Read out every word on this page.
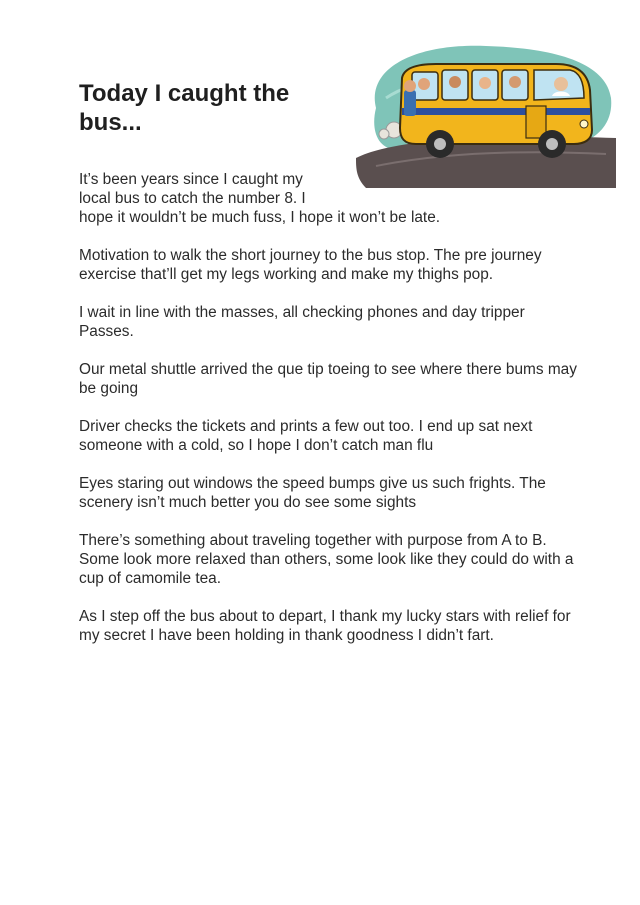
Today I caught the
bus...

It’s been years since I caught my
local bus to catch the number 8. I
hope it wouldn’t be much fuss, I hope it won’t be late.

Motivation to walk the short journey to the bus stop. The pre journey exercise that’ll get my legs working and make my thighs pop.

I wait in line with the masses, all checking phones and day tripper Passes.

Our metal shuttle arrived the que tip toeing to see where there bums may be going

Driver checks the tickets and prints a few out too. I end up sat next someone with a cold, so I hope I don’t catch man flu

Eyes staring out windows the speed bumps give us such frights. The scenery isn’t much better you do see some sights

There’s something about traveling together with purpose from A to B. Some look more relaxed than others, some look like they could do with a cup of camomile tea.

As I step off the bus about to depart, I thank my lucky stars with relief for my secret I have been holding in thank goodness I didn’t fart.
